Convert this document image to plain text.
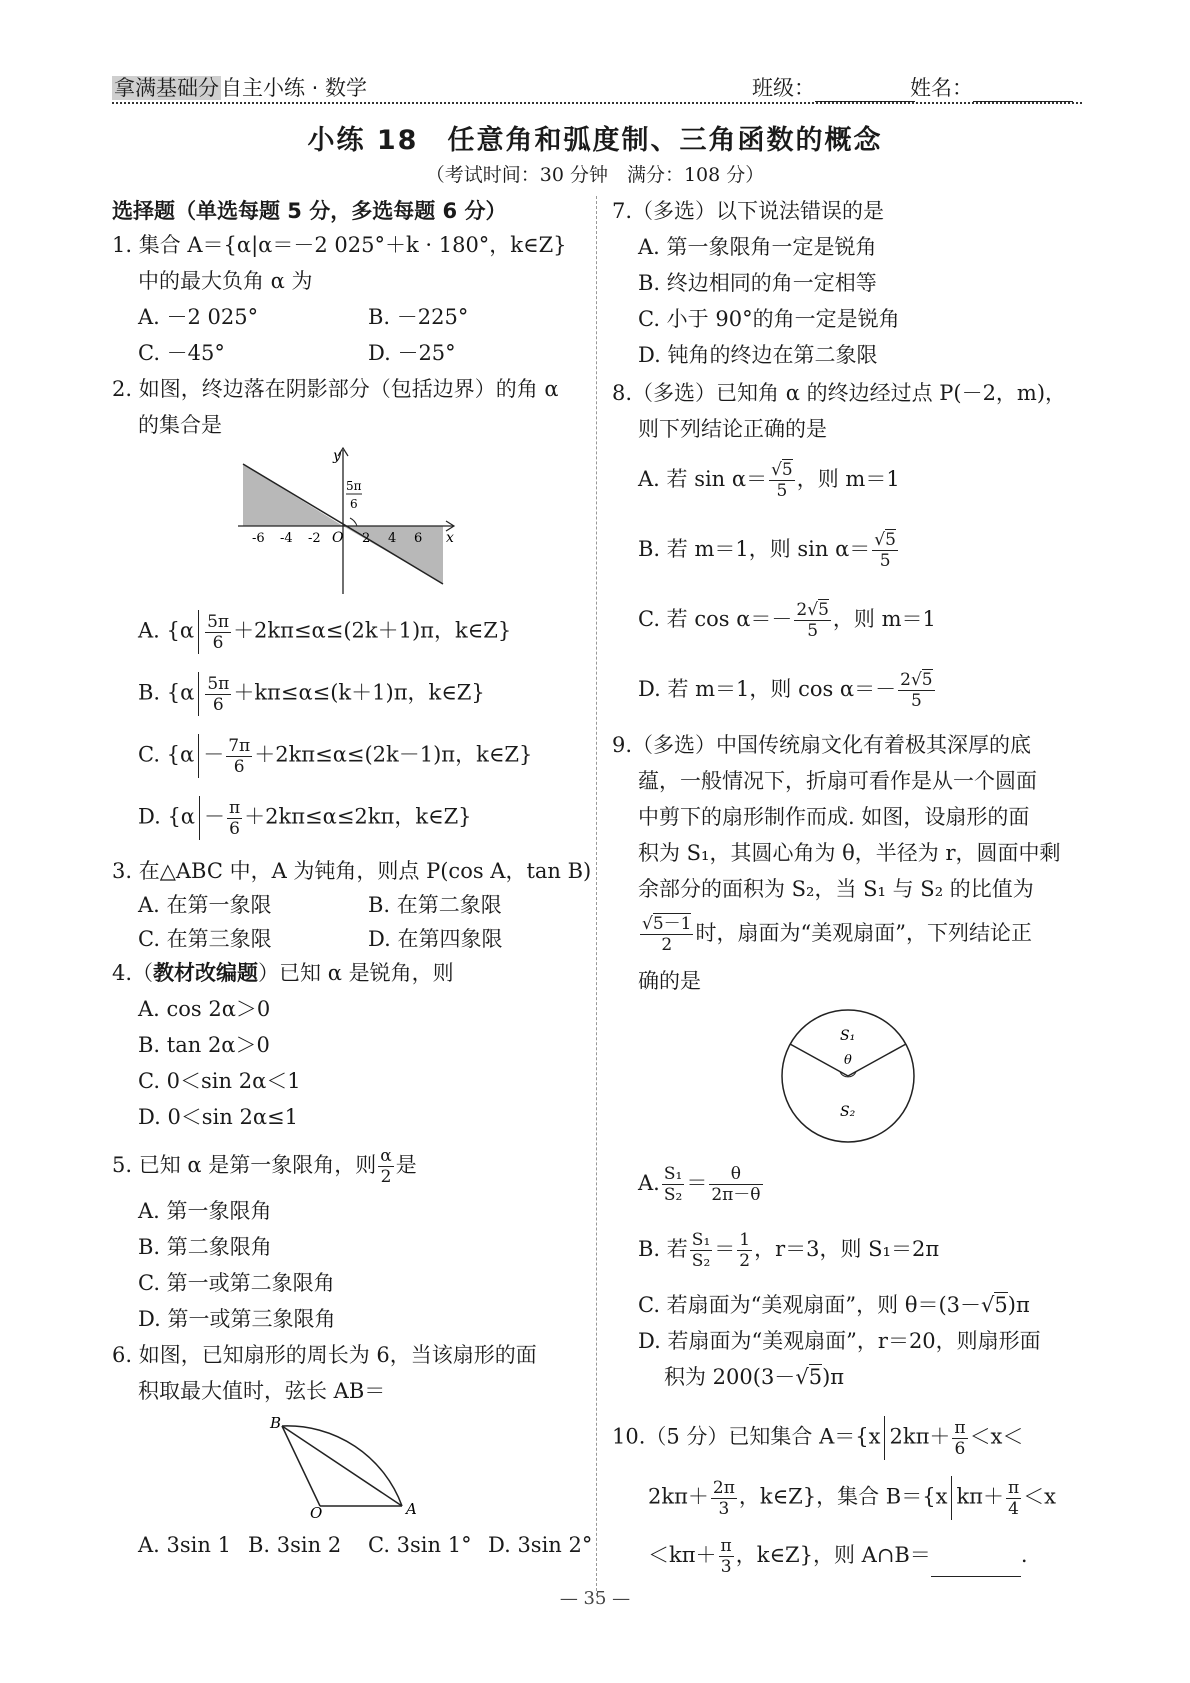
拿满基础分自主小练 · 数学	班级：	姓名：
小练 18　任意角和弧度制、三角函数的概念
（考试时间：30 分钟　满分：108 分）
选择题（单选每题 5 分，多选每题 6 分）
1. 集合 A＝{α|α＝－2 025°＋k · 180°，k∈Z}
中的最大负角 α 为
A. －2 025°	B. －225°
C. －45°	D. －25°
2. 如图，终边落在阴影部分（包括边界）的角 α
的集合是
y
x
O
-6 -4 -2	2 4 6
5π
6
A. {$\alpha \frac{5\pi}{6} +2k\pi\le\alpha\le(2k+1)\pi$，k∈Z}
B. {$\alpha \frac{5\pi}{6} +k\pi\le\alpha\le(k+1)\pi$，k∈Z}
C. {$\alpha - \frac{7\pi}{6} +2k\pi\le\alpha\le(2k-1)\pi$，k∈Z}
D. {$\alpha - \frac{\pi}{6} +2k\pi\le\alpha\le 2k\pi$，k∈Z}
3. 在△ABC 中，A 为钝角，则点 P(cos A，tan B)
A. 在第一象限	B. 在第二象限
C. 在第三象限	D. 在第四象限
4.（教材改编题）已知 α 是锐角，则
A. cos 2α＞0
B. tan 2α＞0
C. 0＜sin 2α＜1
D. 0＜sin 2α≤1
5. 已知 α 是第一象限角，则 $\frac{\alpha}{2}$ 是
A. 第一象限角
B. 第二象限角
C. 第一或第二象限角
D. 第一或第三象限角
6. 如图，已知扇形的周长为 6，当该扇形的面
积取最大值时，弦长 AB＝
B
O	A
A. 3sin 1 B. 3sin 2 C. 3sin 1° D. 3sin 2°
7.（多选）以下说法错误的是
A. 第一象限角一定是锐角
B. 终边相同的角一定相等
C. 小于 90°的角一定是锐角
D. 钝角的终边在第二象限
8.（多选）已知角 α 的终边经过点 P(－2，m)，
则下列结论正确的是
A. 若 $\sin \alpha= \frac{√5}{5}$ ，则 m＝1
B. 若 m＝1，则 $\sin \alpha= \frac{√5}{5}$
C. 若 $\cos \alpha=- \frac{2√5}{5}$ ，则 m＝1
D. 若 m＝1，则 $\cos \alpha=- \frac{2√5}{5}$
9.（多选）中国传统扇文化有着极其深厚的底
蕴，一般情况下，折扇可看作是从一个圆面
中剪下的扇形制作而成. 如图，设扇形的面
积为 S₁，其圆心角为 θ，半径为 r，圆面中剩
余部分的面积为 S₂，当 S₁ 与 S₂ 的比值为
$\frac{√5-1}{2}$ 时，扇面为“美观扇面”，下列结论正
确的是
S₁
θ
S₂
A. $\frac{\text{S₁}}{\text{S₂}} = \frac{\theta}{2\pi-\theta}$
B. 若 $\frac{\text{S₁}}{\text{S₂}} = \frac{1}{2}$ ，r＝3，则 S₁＝2π
C. 若扇面为“美观扇面”，则 θ＝(3－√5)π
D. 若扇面为“美观扇面”，r＝20，则扇形面
积为 200(3－√5)π
10.（5 分）已知集合 A＝{x $2k\pi+ \frac{\pi}{6} <x<$
$2k\pi+ \frac{2\pi}{3}$ ，k∈Z}，集合 B＝{x $k\pi+ \frac{\pi}{4} <x$
$<k\pi+ \frac{\pi}{3}$ ，k∈Z}，则 A∩B＝	.
— 35 —
